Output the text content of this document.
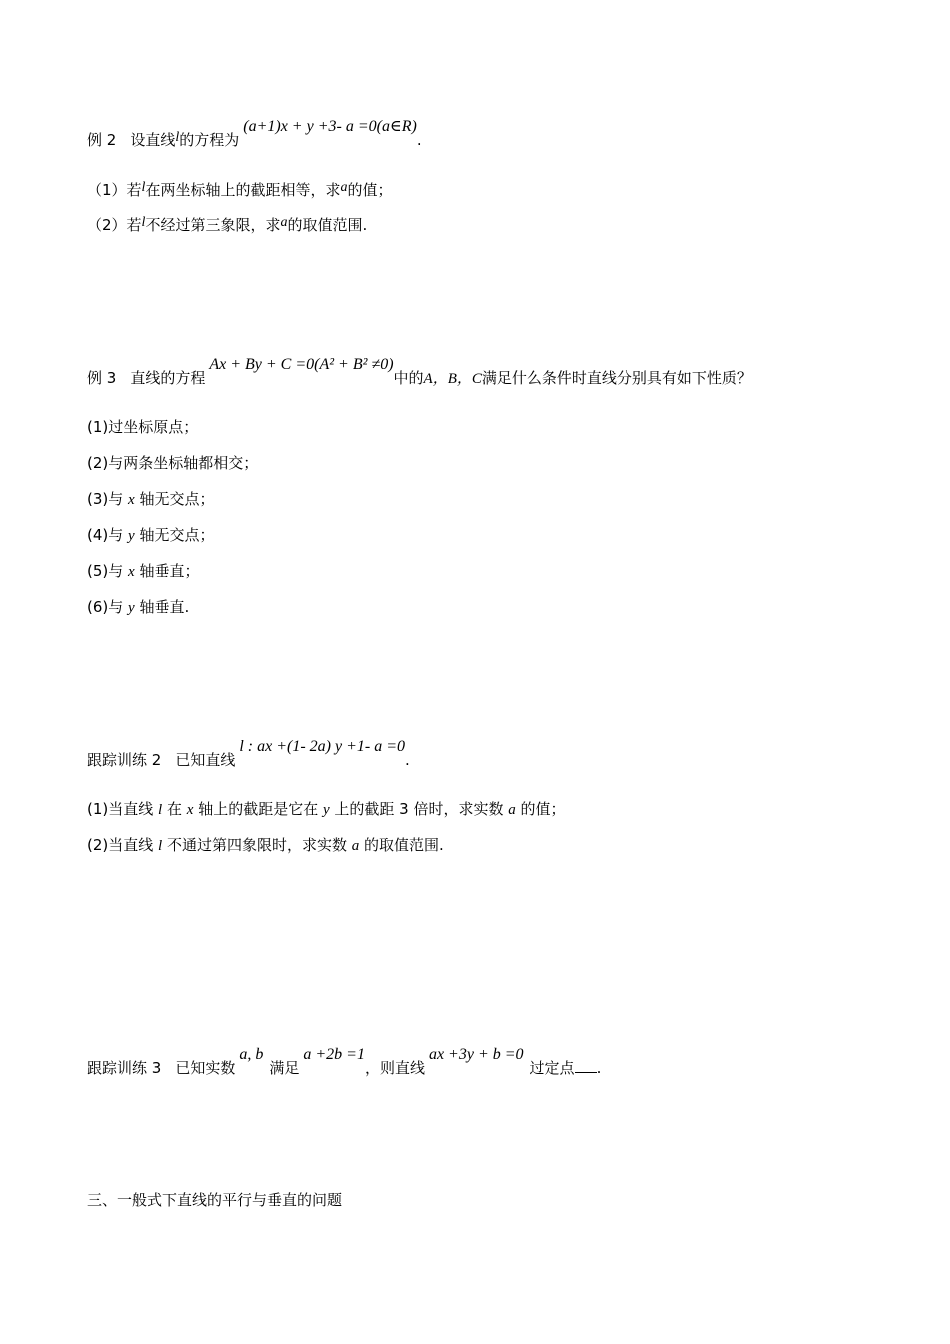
例 2 设直线l的方程为(a+1)x + y +3- a =0(a∈R).
（1）若l在两坐标轴上的截距相等，求a的值；
（2）若l不经过第三象限，求a的取值范围.
例 3 直线的方程Ax + By + C =0(A² + B² ≠0)中的A，B，C满足什么条件时直线分别具有如下性质？
(1)过坐标原点；
(2)与两条坐标轴都相交；
(3)与 x 轴无交点；
(4)与 y 轴无交点；
(5)与 x 轴垂直；
(6)与 y 轴垂直.
跟踪训练 2 已知直线l : ax +(1- 2a) y +1- a =0.
(1)当直线 l 在 x 轴上的截距是它在 y 上的截距 3 倍时，求实数 a 的值；
(2)当直线 l 不通过第四象限时，求实数 a 的取值范围.
跟踪训练 3 已知实数a, b满足a +2b =1，则直线ax +3y + b =0过定点 .
三、一般式下直线的平行与垂直的问题
